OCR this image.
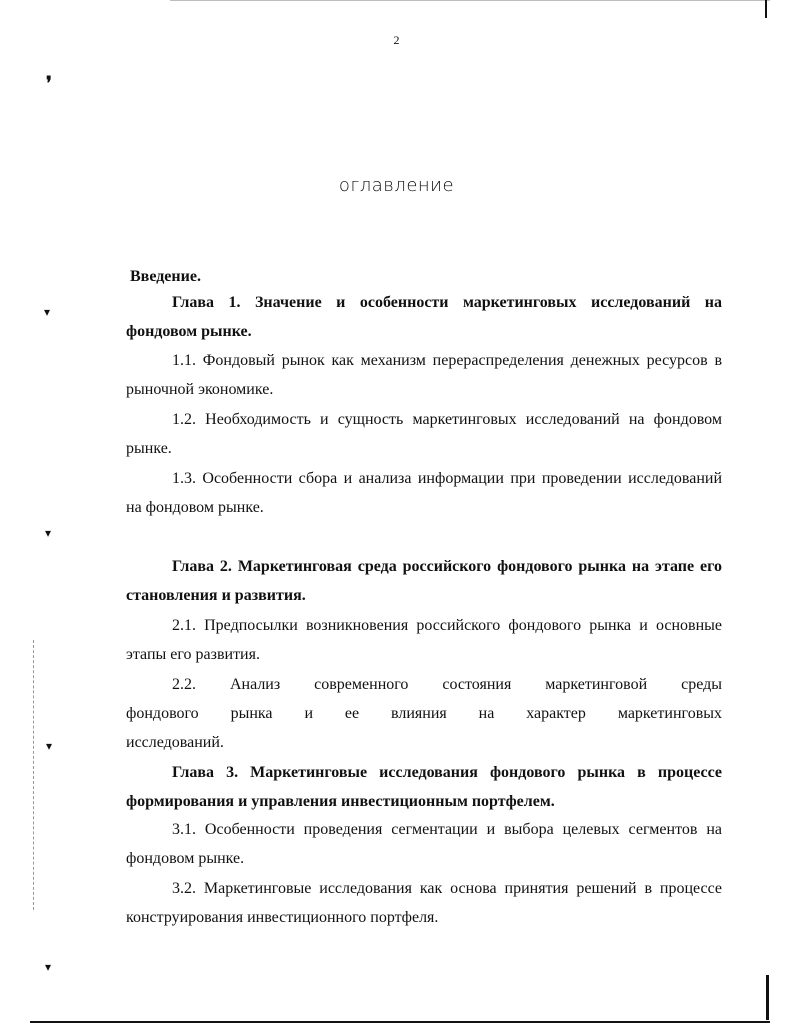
❜
▾
▾
▾
▾
2
оглавление
Введение.
Глава 1. Значение и особенности маркетинговых исследований на фондовом рынке.
1.1. Фондовый рынок как механизм перераспределения денежных ресурсов в рыночной экономике.
1.2. Необходимость и сущность маркетинговых исследований на фондовом рынке.
1.3. Особенности сбора и анализа информации при проведении исследований на фондовом рынке.
Глава 2. Маркетинговая среда российского фондового рынка на этапе его становления и развития.
2.1. Предпосылки возникновения российского фондового рынка и основные этапы его развития.
2.2. Анализ современного состояния маркетинговой среды фондового рынка и ее влияния на характер маркетинговых исследований.
Глава 3. Маркетинговые исследования фондового рынка в процессе формирования и управления инвестиционным портфелем.
3.1. Особенности проведения сегментации и выбора целевых сегментов на фондовом рынке.
3.2. Маркетинговые исследования как основа принятия решений в процессе конструирования инвестиционного портфеля.
